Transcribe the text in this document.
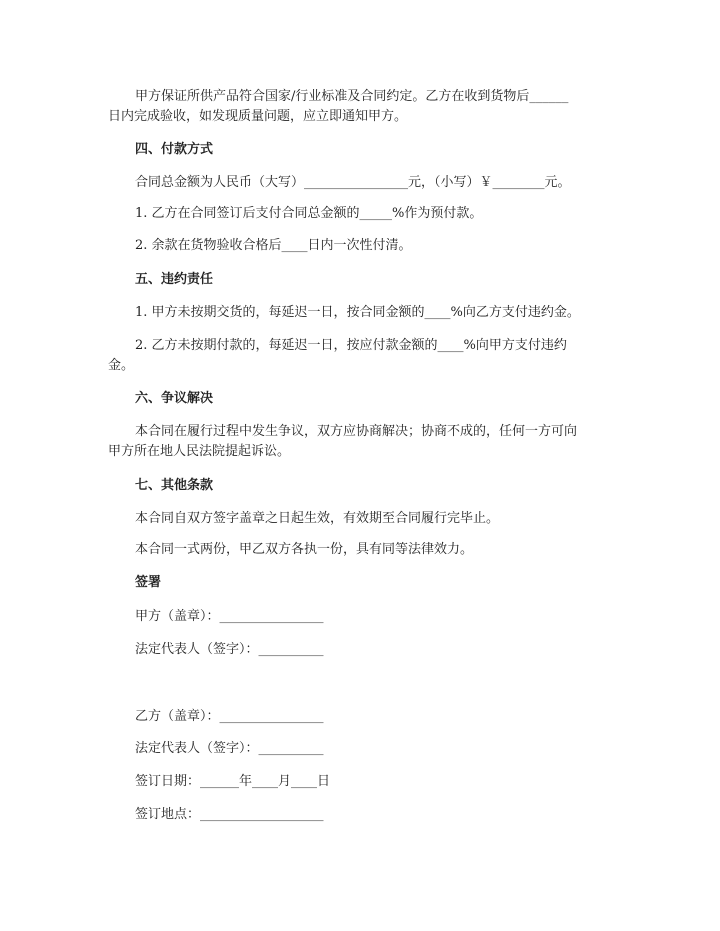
甲方保证所供产品符合国家/行业标准及合同约定。乙方在收到货物后______
日内完成验收，如发现质量问题，应立即通知甲方。
四、付款方式
合同总金额为人民币（大写）________________元，（小写）￥________元。
1. 乙方在合同签订后支付合同总金额的_____%作为预付款。
2. 余款在货物验收合格后____日内一次性付清。
五、违约责任
1. 甲方未按期交货的，每延迟一日，按合同金额的____%向乙方支付违约金。
2. 乙方未按期付款的，每延迟一日，按应付款金额的____%向甲方支付违约
金。
六、争议解决
本合同在履行过程中发生争议，双方应协商解决；协商不成的，任何一方可向
甲方所在地人民法院提起诉讼。
七、其他条款
本合同自双方签字盖章之日起生效，有效期至合同履行完毕止。
本合同一式两份，甲乙双方各执一份，具有同等法律效力。
签署
甲方（盖章）：________________
法定代表人（签字）：__________
乙方（盖章）：________________
法定代表人（签字）：__________
签订日期：______年____月____日
签订地点：___________________
